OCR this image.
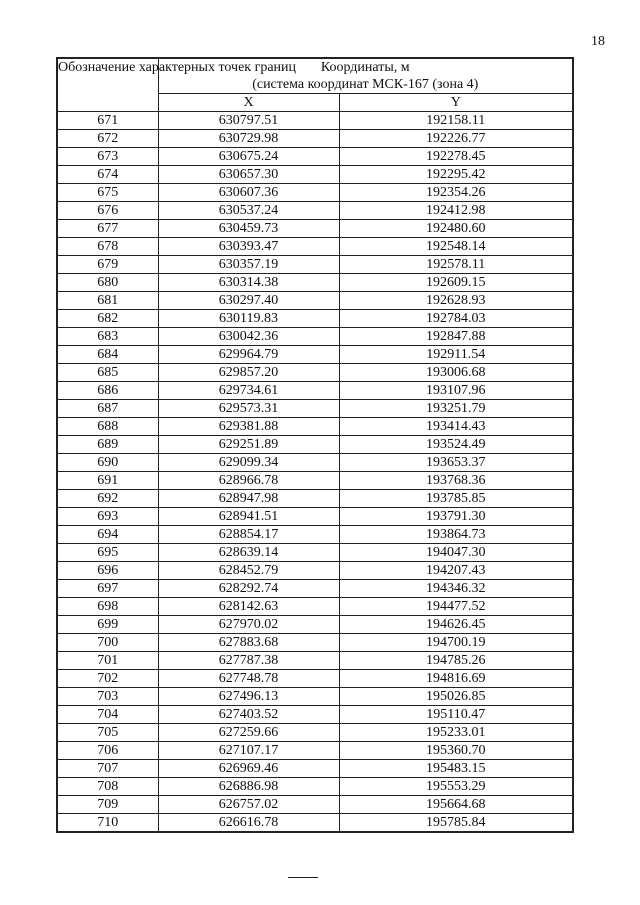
18
Обозначение характерных точек границ	Координаты, м
(система координат МСК-167 (зона 4)	

	X	Y
671	630797.51	192158.11
672	630729.98	192226.77
673	630675.24	192278.45
674	630657.30	192295.42
675	630607.36	192354.26
676	630537.24	192412.98
677	630459.73	192480.60
678	630393.47	192548.14
679	630357.19	192578.11
680	630314.38	192609.15
681	630297.40	192628.93
682	630119.83	192784.03
683	630042.36	192847.88
684	629964.79	192911.54
685	629857.20	193006.68
686	629734.61	193107.96
687	629573.31	193251.79
688	629381.88	193414.43
689	629251.89	193524.49
690	629099.34	193653.37
691	628966.78	193768.36
692	628947.98	193785.85
693	628941.51	193791.30
694	628854.17	193864.73
695	628639.14	194047.30
696	628452.79	194207.43
697	628292.74	194346.32
698	628142.63	194477.52
699	627970.02	194626.45
700	627883.68	194700.19
701	627787.38	194785.26
702	627748.78	194816.69
703	627496.13	195026.85
704	627403.52	195110.47
705	627259.66	195233.01
706	627107.17	195360.70
707	626969.46	195483.15
708	626886.98	195553.29
709	626757.02	195664.68
710	626616.78	195785.84
